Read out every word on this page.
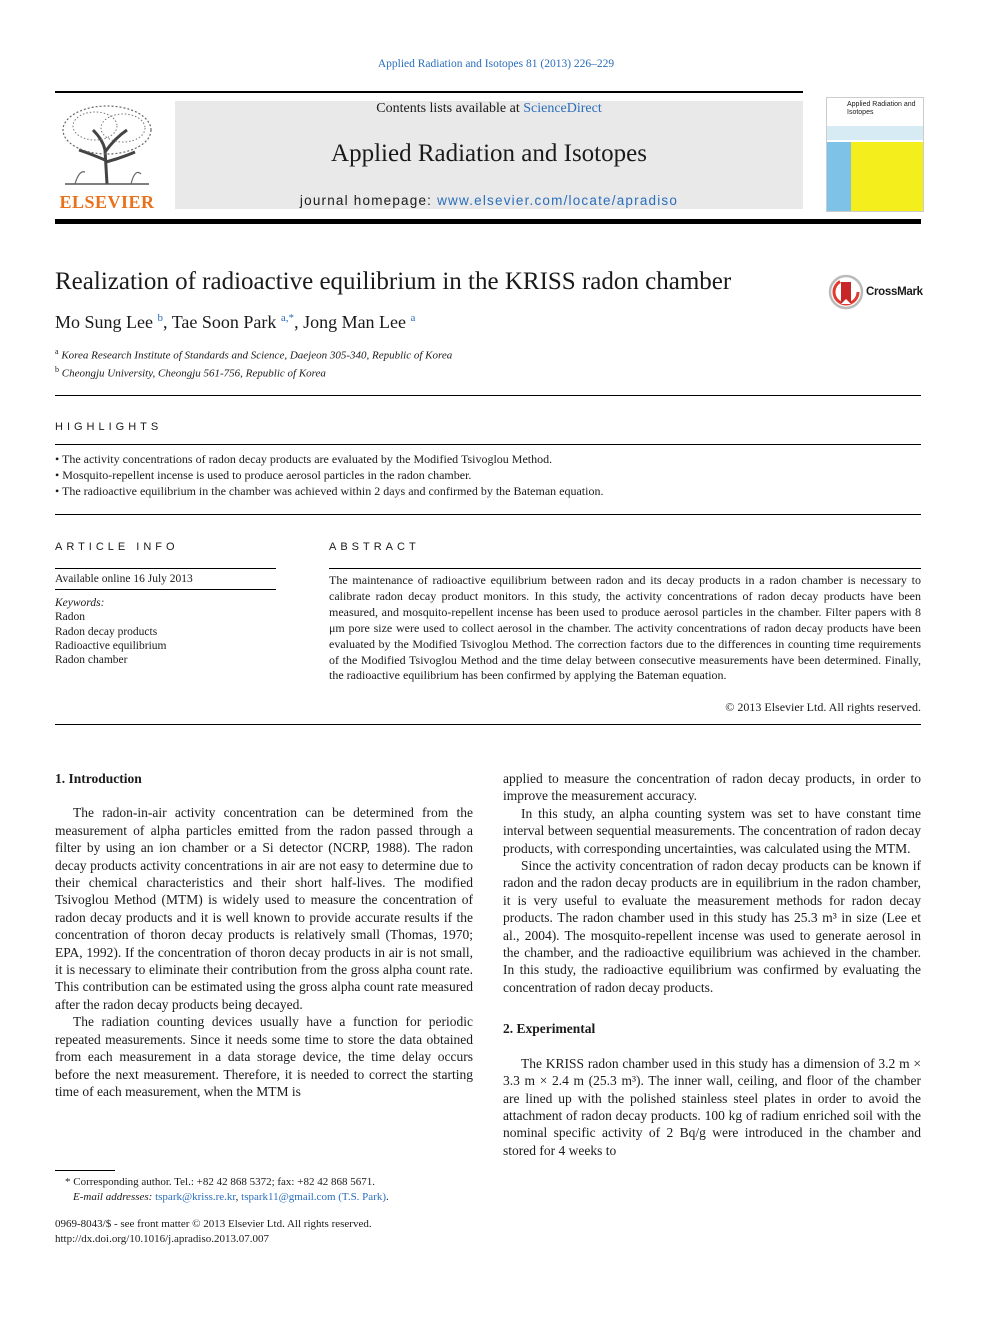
Applied Radiation and Isotopes 81 (2013) 226–229
Contents lists available at ScienceDirect
Applied Radiation and Isotopes
journal homepage: www.elsevier.com/locate/apradiso
ELSEVIER
Applied Radiation and Isotopes
Realization of radioactive equilibrium in the KRISS radon chamber
Mo Sung Lee $^b$, Tae Soon Park $^{a,*}$, Jong Man Lee $^a$
$^a$ Korea Research Institute of Standards and Science, Daejeon 305-340, Republic of Korea
$^b$ Cheongju University, Cheongju 561-756, Republic of Korea
CrossMark
HIGHLIGHTS
• The activity concentrations of radon decay products are evaluated by the Modified Tsivoglou Method.
• Mosquito-repellent incense is used to produce aerosol particles in the radon chamber.
• The radioactive equilibrium in the chamber was achieved within 2 days and confirmed by the Bateman equation.
ARTICLE INFO	ABSTRACT
Available online 16 July 2013
Keywords:
Radon
Radon decay products
Radioactive equilibrium
Radon chamber
The maintenance of radioactive equilibrium between radon and its decay products in a radon chamber is necessary to calibrate radon decay product monitors. In this study, the activity concentrations of radon decay products have been measured, and mosquito-repellent incense has been used to produce aerosol particles in the chamber. Filter papers with 8 μm pore size were used to collect aerosol in the chamber. The activity concentrations of radon decay products have been evaluated by the Modified Tsivoglou Method. The correction factors due to the differences in counting time requirements of the Modified Tsivoglou Method and the time delay between consecutive measurements have been determined. Finally, the radioactive equilibrium has been confirmed by applying the Bateman equation.
© 2013 Elsevier Ltd. All rights reserved.
1. Introduction

The radon-in-air activity concentration can be determined from the measurement of alpha particles emitted from the radon passed through a filter by using an ion chamber or a Si detector (NCRP, 1988). The radon decay products activity concentrations in air are not easy to determine due to their chemical characteristics and their short half-lives. The modified Tsivoglou Method (MTM) is widely used to measure the concentration of radon decay products and it is well known to provide accurate results if the concentration of thoron decay products is relatively small (Thomas, 1970; EPA, 1992). If the concentration of thoron decay products in air is not small, it is necessary to eliminate their contribution from the gross alpha count rate. This contribution can be estimated using the gross alpha count rate measured after the radon decay products being decayed.

The radiation counting devices usually have a function for periodic repeated measurements. Since it needs some time to store the data obtained from each measurement in a data storage device, the time delay occurs before the next measurement. Therefore, it is needed to correct the starting time of each measurement, when the MTM is

applied to measure the concentration of radon decay products, in order to improve the measurement accuracy.

In this study, an alpha counting system was set to have constant time interval between sequential measurements. The concentration of radon decay products, with corresponding uncertainties, was calculated using the MTM.

Since the activity concentration of radon decay products can be known if radon and the radon decay products are in equilibrium in the radon chamber, it is very useful to evaluate the measurement methods for radon decay products. The radon chamber used in this study has 25.3 m³ in size (Lee et al., 2004). The mosquito-repellent incense was used to generate aerosol in the chamber, and the radioactive equilibrium was achieved in the chamber. In this study, the radioactive equilibrium was confirmed by evaluating the concentration of radon decay products.

2. Experimental

The KRISS radon chamber used in this study has a dimension of 3.2 m × 3.3 m × 2.4 m (25.3 m³). The inner wall, ceiling, and floor of the chamber are lined up with the polished stainless steel plates in order to avoid the attachment of radon decay products. 100 kg of radium enriched soil with the nominal specific activity of 2 Bq/g were introduced in the chamber and stored for 4 weeks to

* Corresponding author. Tel.: +82 42 868 5372; fax: +82 42 868 5671.
E-mail addresses: tspark@kriss.re.kr, tspark11@gmail.com (T.S. Park).
0969-8043/$ - see front matter © 2013 Elsevier Ltd. All rights reserved.
http://dx.doi.org/10.1016/j.apradiso.2013.07.007
